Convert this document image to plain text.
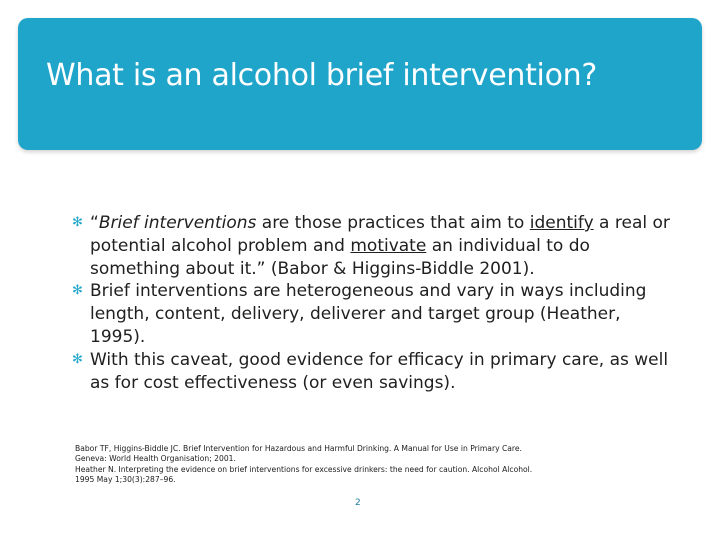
What is an alcohol brief intervention?
✻ “Brief interventions are those practices that aim to identify a real or potential alcohol problem and motivate an individual to do something about it.” (Babor & Higgins-Biddle 2001).
✻ Brief interventions are heterogeneous and vary in ways including length, content, delivery, deliverer and target group (Heather, 1995).
✻ With this caveat, good evidence for efficacy in primary care, as well as for cost effectiveness (or even savings).
Babor TF, Higgins-Biddle JC. Brief Intervention for Hazardous and Harmful Drinking. A Manual for Use in Primary Care.
Geneva: World Health Organisation; 2001.
Heather N. Interpreting the evidence on brief interventions for excessive drinkers: the need for caution. Alcohol Alcohol.
1995 May 1;30(3):287–96.
2
